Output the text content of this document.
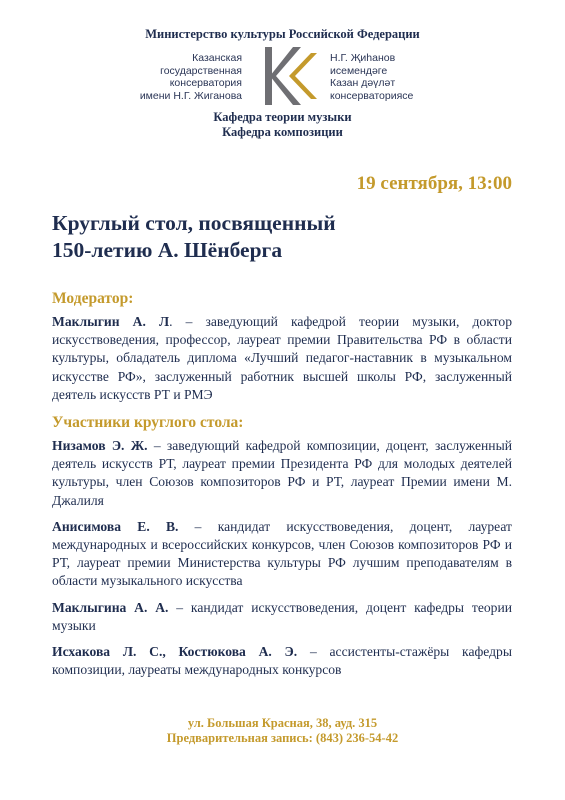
Министерство культуры Российской Федерации
Казанская
государственная
консерватория
имени Н.Г. Жиганова
Н.Г. Җиһанов
исемендәге
Казан дәүләт
консерваториясе
Кафедра теории музыки
Кафедра композиции
19 сентября, 13:00
Круглый стол, посвященный
150-летию А. Шёнберга
Модератор:
Маклыгин А. Л. – заведующий кафедрой теории музыки, доктор искусствоведения, профессор, лауреат премии Правительства РФ в области культуры, обладатель диплома «Лучший педагог-наставник в музыкальном искусстве РФ», заслуженный работник высшей школы РФ, заслуженный деятель искусств РТ и РМЭ
Участники круглого стола:
Низамов Э. Ж. – заведующий кафедрой композиции, доцент, заслуженный деятель искусств РТ, лауреат премии Президента РФ для молодых деятелей культуры, член Союзов композиторов РФ и РТ, лауреат Премии имени М. Джалиля
Анисимова Е. В. – кандидат искусствоведения, доцент, лауреат международных и всероссийских конкурсов, член Союзов композиторов РФ и РТ, лауреат премии Министерства культуры РФ лучшим преподавателям в области музыкального искусства
Маклыгина А. А. – кандидат искусствоведения, доцент кафедры теории музыки
Исхакова Л. С., Костюкова А. Э. – ассистенты-стажёры кафедры композиции, лауреаты международных конкурсов
ул. Большая Красная, 38, ауд. 315
Предварительная запись: (843) 236-54-42
